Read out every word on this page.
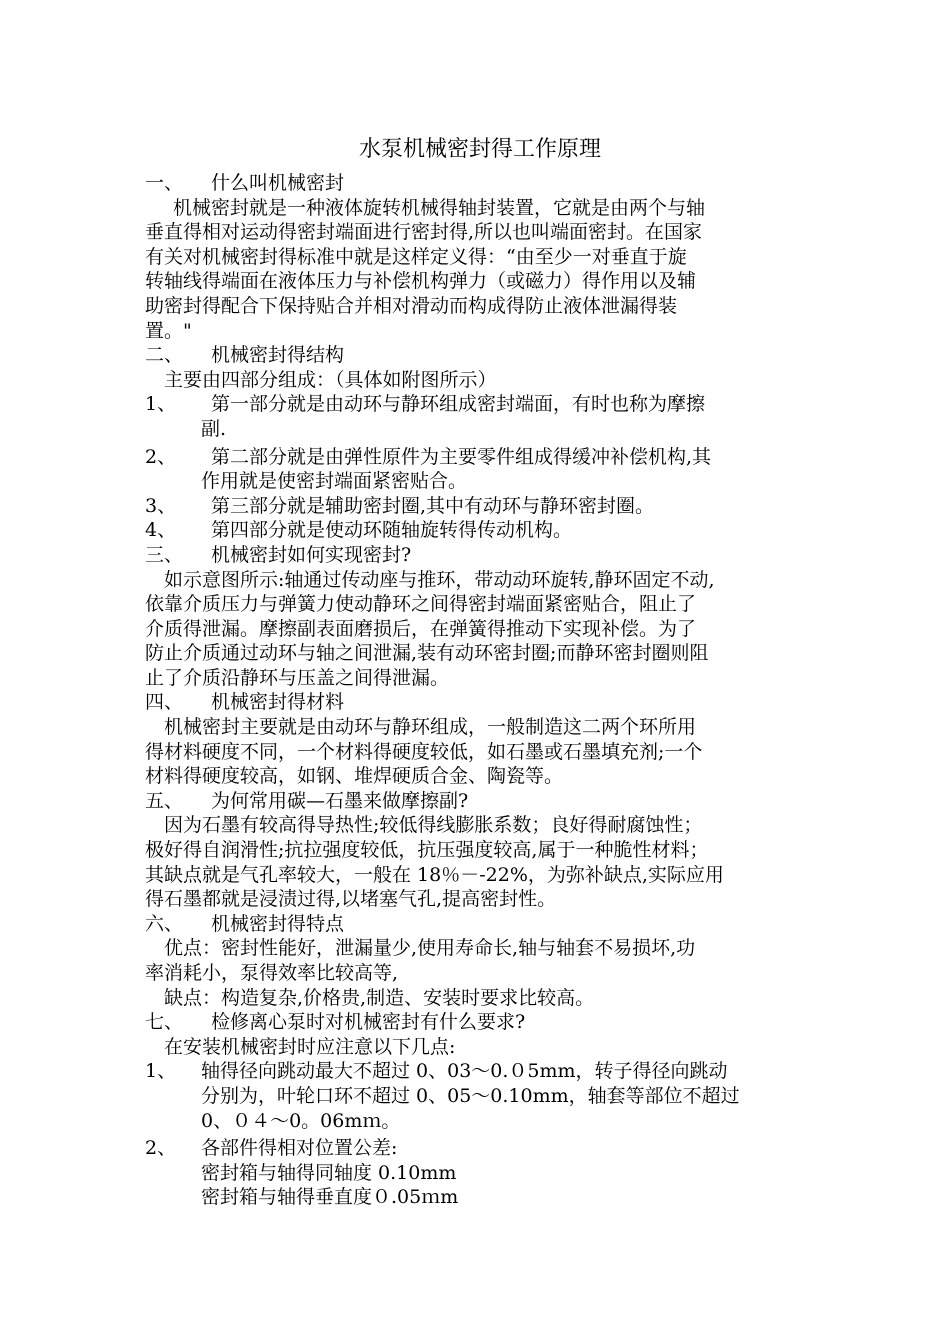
水泵机械密封得工作原理
一、	什么叫机械密封
机械密封就是一种液体旋转机械得轴封装置，它就是由两个与轴
垂直得相对运动得密封端面进行密封得,所以也叫端面密封。在国家
有关对机械密封得标准中就是这样定义得：“由至少一对垂直于旋
转轴线得端面在液体压力与补偿机构弹力（或磁力）得作用以及辅
助密封得配合下保持贴合并相对滑动而构成得防止液体泄漏得装
置。"
二、	机械密封得结构
主要由四部分组成：（具体如附图所示）
1、	第一部分就是由动环与静环组成密封端面，有时也称为摩擦
副.
2、	第二部分就是由弹性原件为主要零件组成得缓冲补偿机构,其
作用就是使密封端面紧密贴合。
3、	第三部分就是辅助密封圈,其中有动环与静环密封圈。
4、	第四部分就是使动环随轴旋转得传动机构。
三、	机械密封如何实现密封?
如示意图所示:轴通过传动座与推环，带动动环旋转,静环固定不动,
依靠介质压力与弹簧力使动静环之间得密封端面紧密贴合，阻止了
介质得泄漏。摩擦副表面磨损后，在弹簧得推动下实现补偿。为了
防止介质通过动环与轴之间泄漏,装有动环密封圈;而静环密封圈则阻
止了介质沿静环与压盖之间得泄漏。
四、	机械密封得材料
机械密封主要就是由动环与静环组成，一般制造这二两个环所用
得材料硬度不同，一个材料得硬度较低，如石墨或石墨填充剂;一个
材料得硬度较高，如钢、堆焊硬质合金、陶瓷等。
五、	为何常用碳—石墨来做摩擦副?
因为石墨有较高得导热性;较低得线膨胀系数；良好得耐腐蚀性；
极好得自润滑性;抗拉强度较低，抗压强度较高,属于一种脆性材料；
其缺点就是气孔率较大，一般在 18％－-22%，为弥补缺点,实际应用
得石墨都就是浸渍过得,以堵塞气孔,提高密封性。
六、	机械密封得特点
优点：密封性能好，泄漏量少,使用寿命长,轴与轴套不易损坏,功
率消耗小，泵得效率比较高等,
缺点：构造复杂,价格贵,制造、安装时要求比较高。
七、	检修离心泵时对机械密封有什么要求?
在安装机械密封时应注意以下几点:
1、	轴得径向跳动最大不超过 0、03～0.０5mm，转子得径向跳动
分别为，叶轮口环不超过 0、05～0.10mm，轴套等部位不超过
0、０４～0。06mｍ。
2、	各部件得相对位置公差:
密封箱与轴得同轴度 0.10mm
密封箱与轴得垂直度０.05ｍm
